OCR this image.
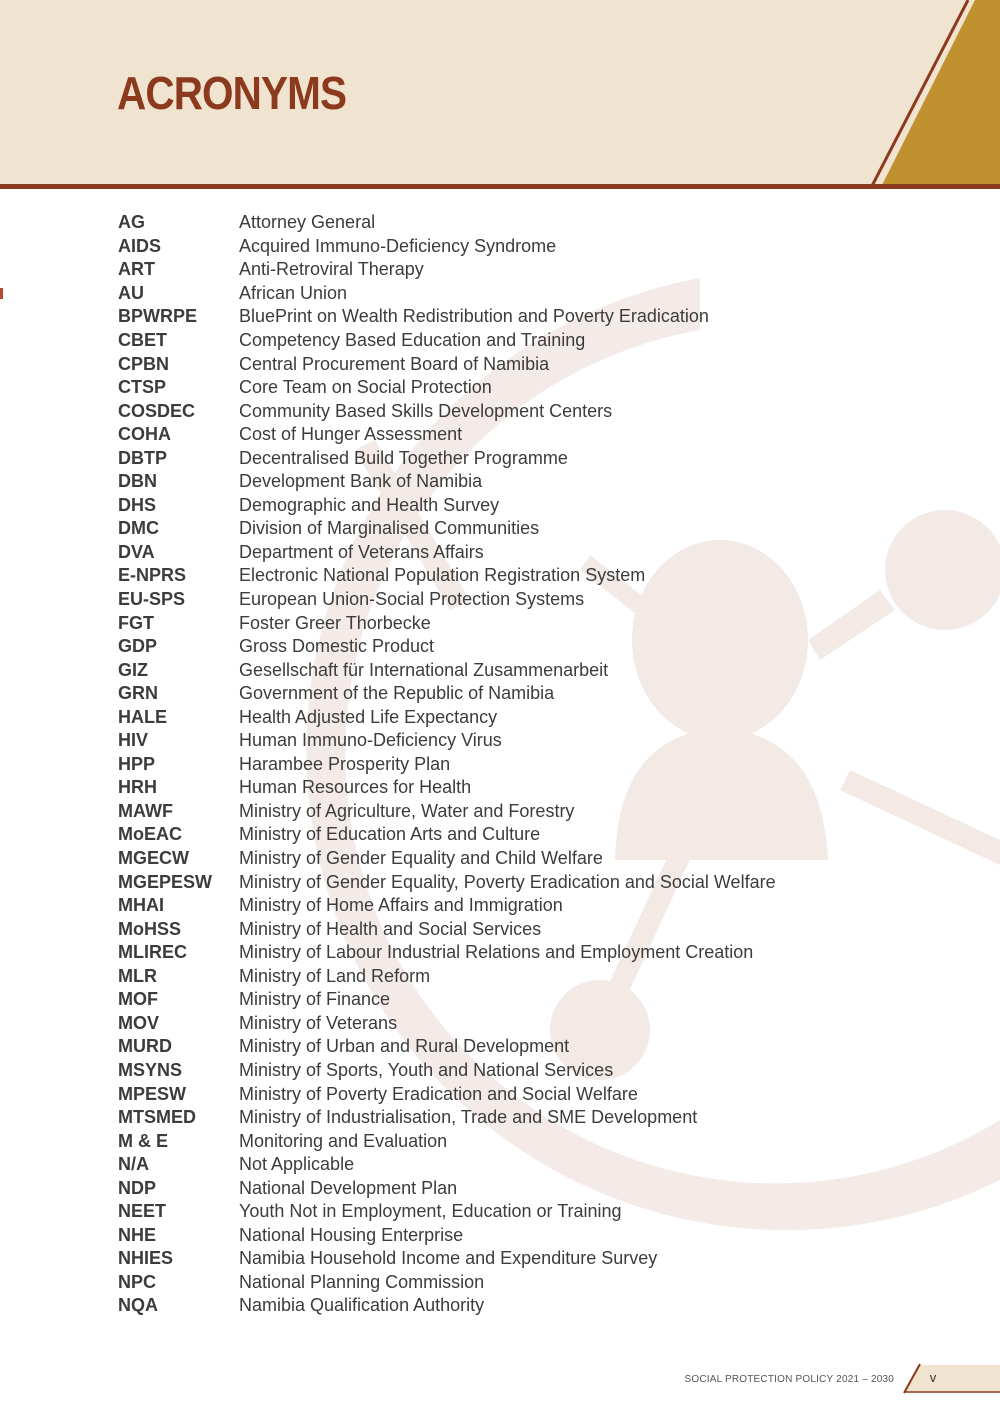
ACRONYMS
AG	Attorney General
AIDS	Acquired Immuno-Deficiency Syndrome
ART	Anti-Retroviral Therapy
AU	African Union
BPWRPE	BluePrint on Wealth Redistribution and Poverty Eradication
CBET	Competency Based Education and Training
CPBN	Central Procurement Board of Namibia
CTSP	Core Team on Social Protection
COSDEC	Community Based Skills Development Centers
COHA	Cost of Hunger Assessment
DBTP	Decentralised Build Together Programme
DBN	Development Bank of Namibia
DHS	Demographic and Health Survey
DMC	Division of Marginalised Communities
DVA	Department of Veterans Affairs
E-NPRS	Electronic National Population Registration System
EU-SPS	European Union-Social Protection Systems
FGT	Foster Greer Thorbecke
GDP	Gross Domestic Product
GIZ	Gesellschaft für International Zusammenarbeit
GRN	Government of the Republic of Namibia
HALE	Health Adjusted Life Expectancy
HIV	Human Immuno-Deficiency Virus
HPP	Harambee Prosperity Plan
HRH	Human Resources for Health
MAWF	Ministry of Agriculture, Water and Forestry
MoEAC	Ministry of Education Arts and Culture
MGECW	Ministry of Gender Equality and Child Welfare
MGEPESW	Ministry of Gender Equality, Poverty Eradication and Social Welfare
MHAI	Ministry of Home Affairs and Immigration
MoHSS	Ministry of Health and Social Services
MLIREC	Ministry of Labour Industrial Relations and Employment Creation
MLR	Ministry of Land Reform
MOF	Ministry of Finance
MOV	Ministry of Veterans
MURD	Ministry of Urban and Rural Development
MSYNS	Ministry of Sports, Youth and National Services
MPESW	Ministry of Poverty Eradication and Social Welfare
MTSMED	Ministry of Industrialisation, Trade and SME Development
M & E	Monitoring and Evaluation
N/A	Not Applicable
NDP	National Development Plan
NEET	Youth Not in Employment, Education or Training
NHE	National Housing Enterprise
NHIES	Namibia Household Income and Expenditure Survey
NPC	National Planning Commission
NQA	Namibia Qualification Authority
SOCIAL PROTECTION POLICY 2021 – 2030	v
